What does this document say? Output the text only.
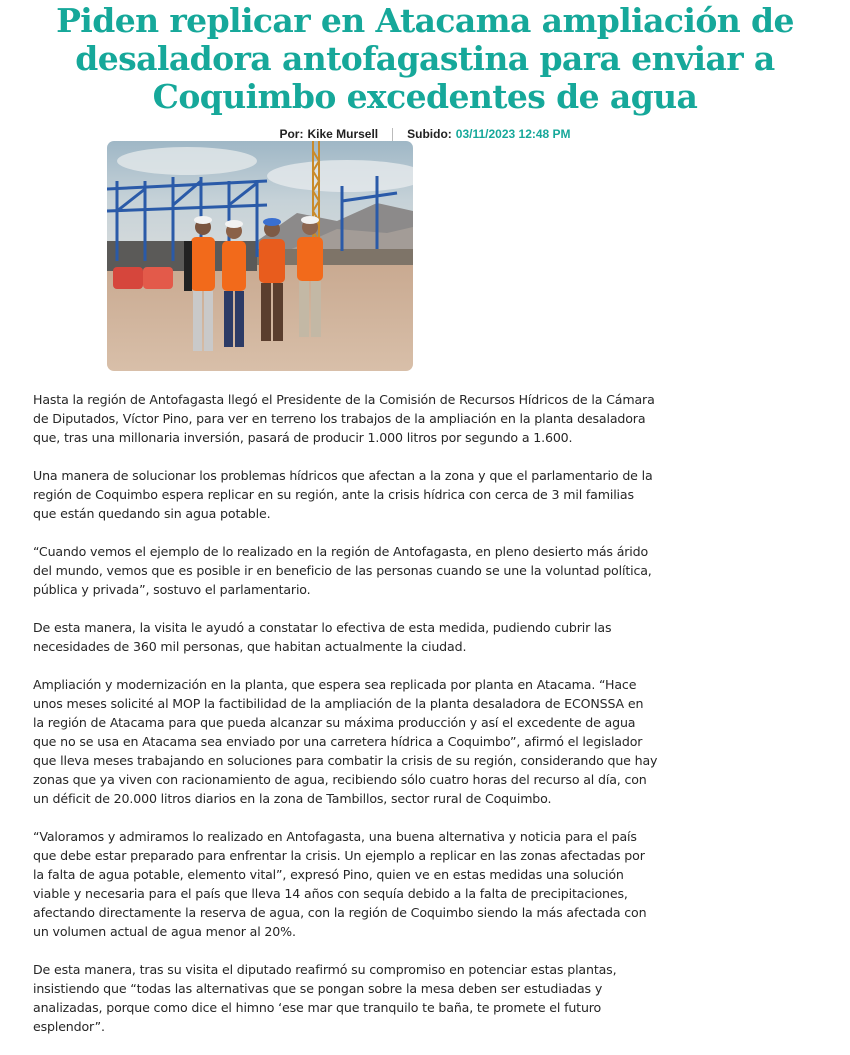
Piden replicar en Atacama ampliación de desaladora antofagastina para enviar a Coquimbo excedentes de agua
Por: Kike Mursell Subido: 03/11/2023 12:48 PM

Hasta la región de Antofagasta llegó el Presidente de la Comisión de Recursos Hídricos de la Cámara de Diputados, Víctor Pino, para ver en terreno los trabajos de la ampliación en la planta desaladora que, tras una millonaria inversión, pasará de producir 1.000 litros por segundo a 1.600.

Una manera de solucionar los problemas hídricos que afectan a la zona y que el parlamentario de la región de Coquimbo espera replicar en su región, ante la crisis hídrica con cerca de 3 mil familias que están quedando sin agua potable.

“Cuando vemos el ejemplo de lo realizado en la región de Antofagasta, en pleno desierto más árido del mundo, vemos que es posible ir en beneficio de las personas cuando se une la voluntad política, pública y privada”, sostuvo el parlamentario.

De esta manera, la visita le ayudó a constatar lo efectiva de esta medida, pudiendo cubrir las necesidades de 360 mil personas, que habitan actualmente la ciudad.

Ampliación y modernización en la planta, que espera sea replicada por planta en Atacama. “Hace unos meses solicité al MOP la factibilidad de la ampliación de la planta desaladora de ECONSSA en la región de Atacama para que pueda alcanzar su máxima producción y así el excedente de agua que no se usa en Atacama sea enviado por una carretera hídrica a Coquimbo”, afirmó el legislador que lleva meses trabajando en soluciones para combatir la crisis de su región, considerando que hay zonas que ya viven con racionamiento de agua, recibiendo sólo cuatro horas del recurso al día, con un déficit de 20.000 litros diarios en la zona de Tambillos, sector rural de Coquimbo.

“Valoramos y admiramos lo realizado en Antofagasta, una buena alternativa y noticia para el país que debe estar preparado para enfrentar la crisis. Un ejemplo a replicar en las zonas afectadas por la falta de agua potable, elemento vital”, expresó Pino, quien ve en estas medidas una solución viable y necesaria para el país que lleva 14 años con sequía debido a la falta de precipitaciones, afectando directamente la reserva de agua, con la región de Coquimbo siendo la más afectada con un volumen actual de agua menor al 20%.

De esta manera, tras su visita el diputado reafirmó su compromiso en potenciar estas plantas, insistiendo que “todas las alternativas que se pongan sobre la mesa deben ser estudiadas y analizadas, porque como dice el himno ‘ese mar que tranquilo te baña, te promete el futuro esplendor”.
